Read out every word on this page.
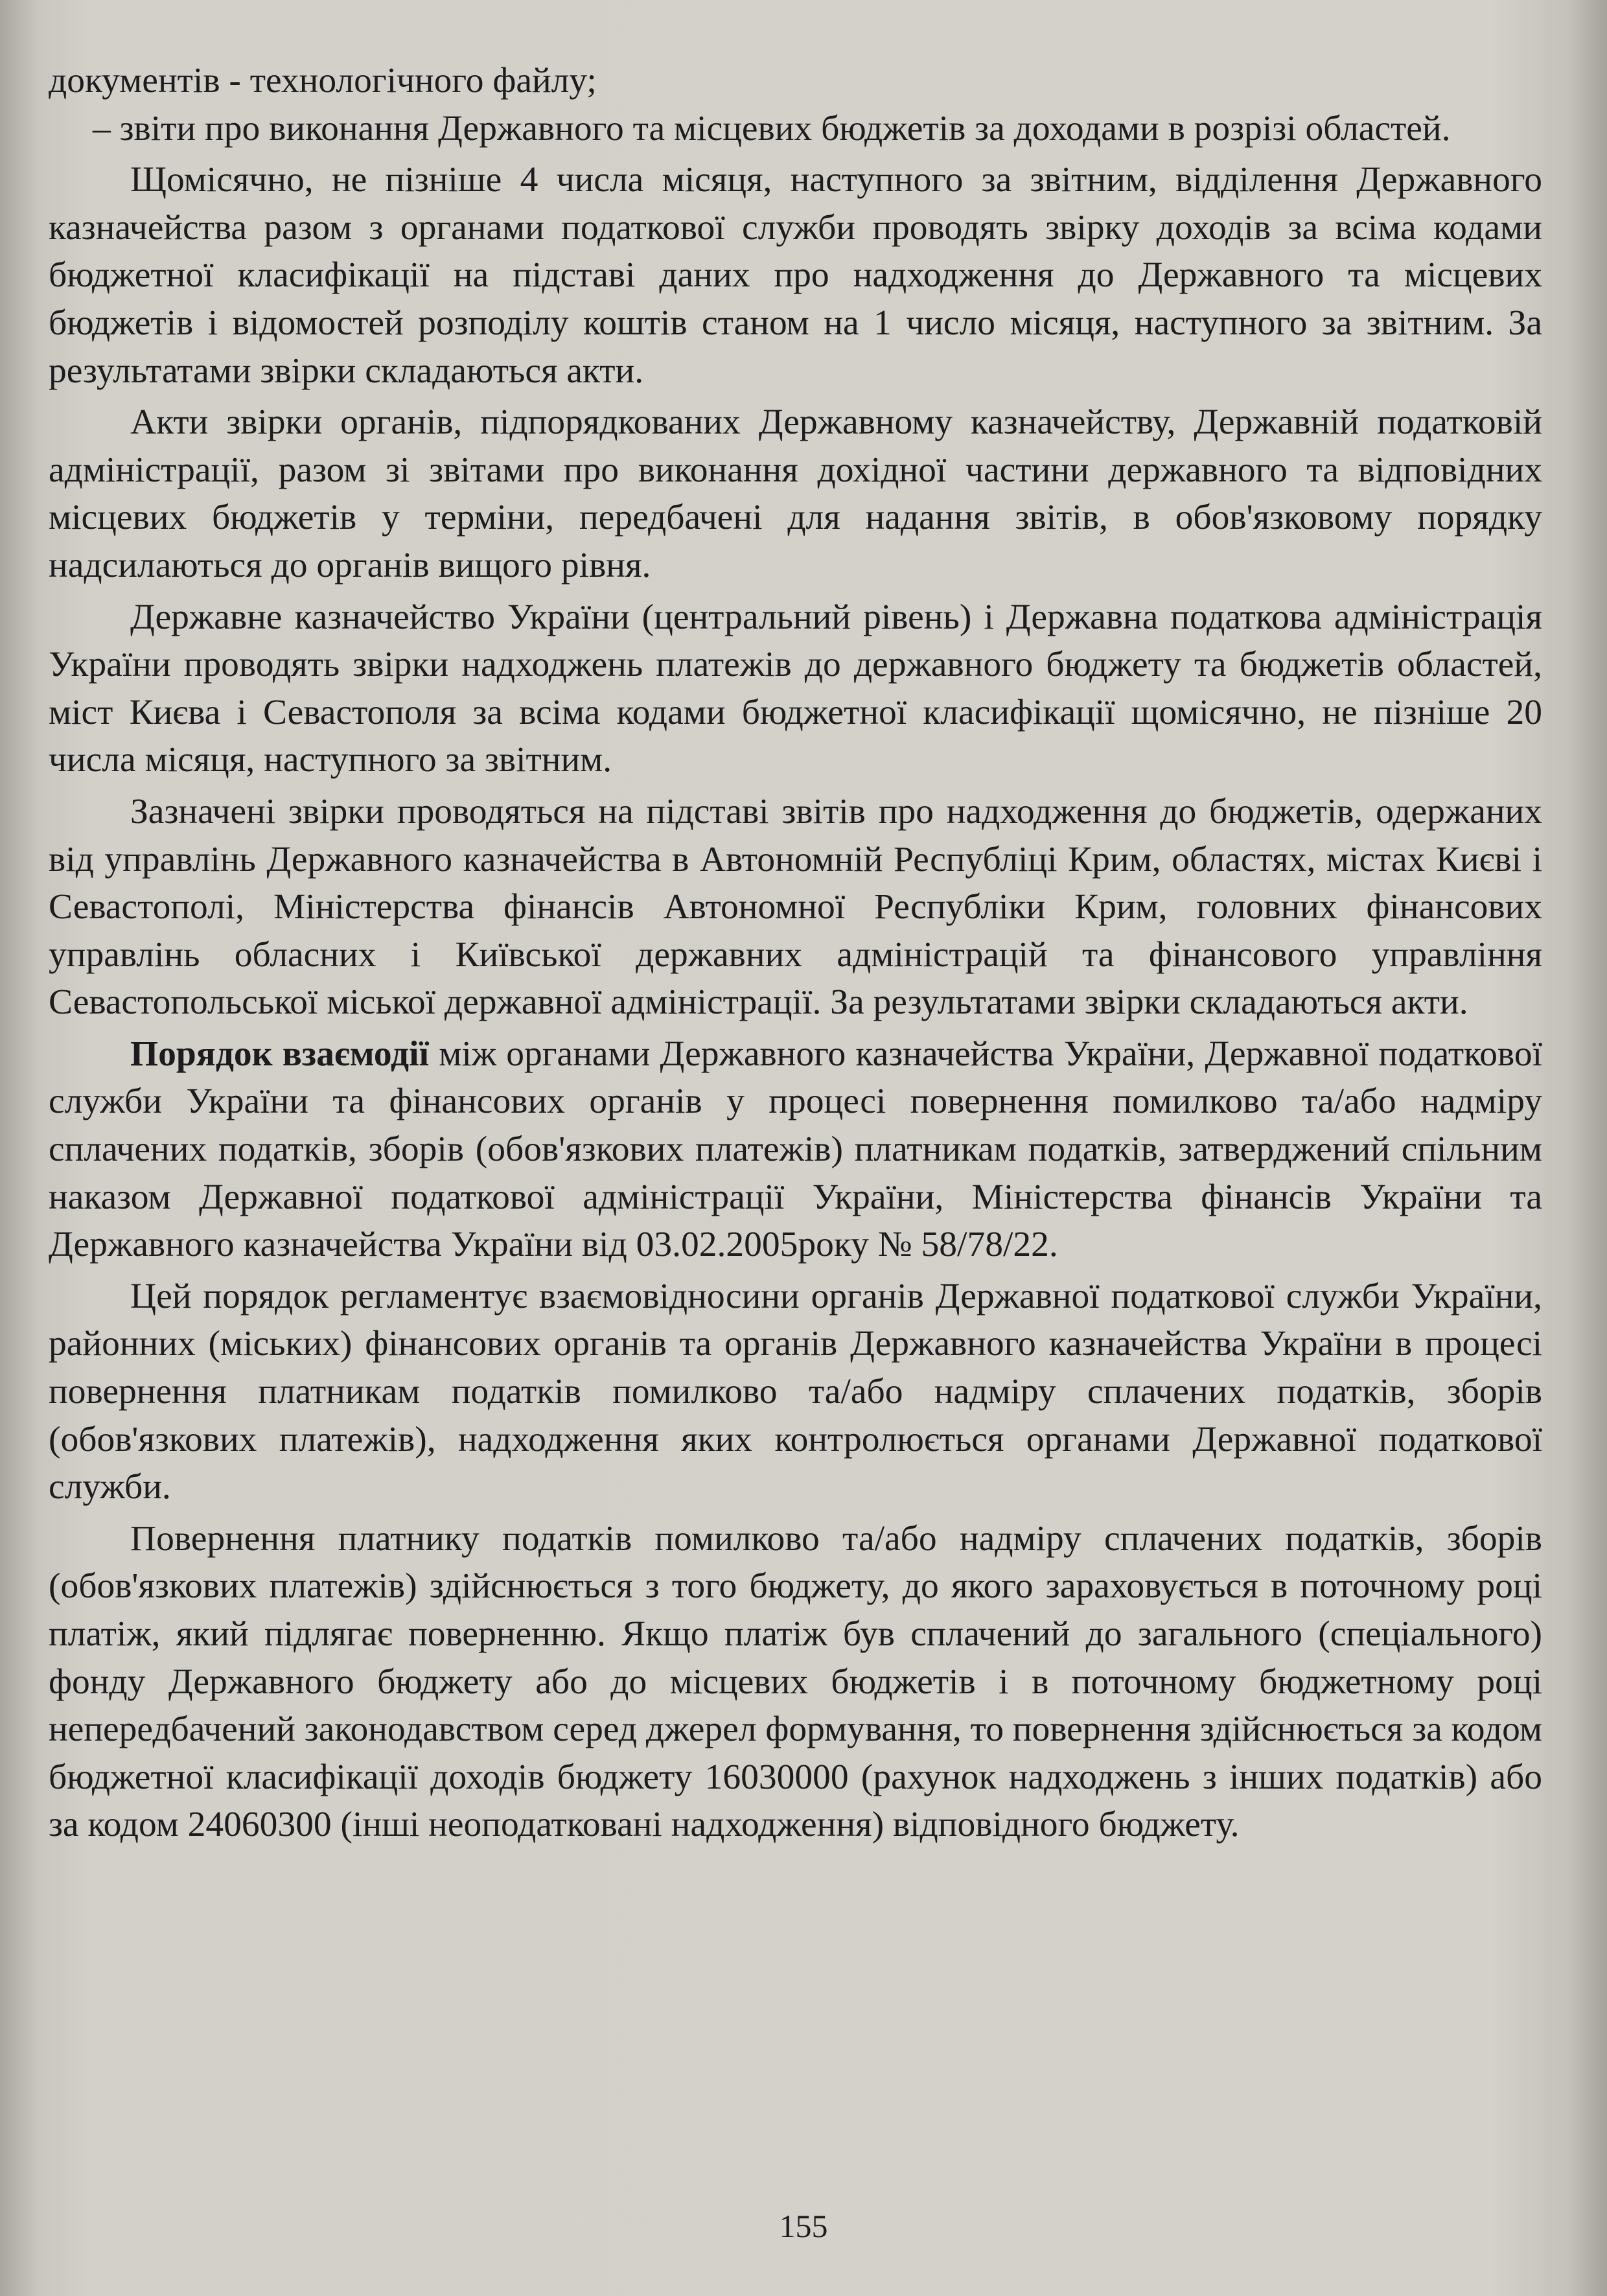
документів - технологічного файлу;

– звіти про виконання Державного та місцевих бюджетів за доходами в розрізі областей.

Щомісячно, не пізніше 4 числа місяця, наступного за звітним, відділення Державного казначейства разом з органами податкової служби проводять звірку доходів за всіма кодами бюджетної класифікації на підставі даних про надходження до Державного та місцевих бюджетів і відомостей розподілу коштів станом на 1 число місяця, наступного за звітним. За результатами звірки складаються акти.

Акти звірки органів, підпорядкованих Державному казначейству, Державній податковій адміністрації, разом зі звітами про виконання дохідної частини державного та відповідних місцевих бюджетів у терміни, передбачені для надання звітів, в обов'язковому порядку надсилаються до органів вищого рівня.

Державне казначейство України (центральний рівень) і Державна податкова адміністрація України проводять звірки надходжень платежів до державного бюджету та бюджетів областей, міст Києва і Севастополя за всіма кодами бюджетної класифікації щомісячно, не пізніше 20 числа місяця, наступного за звітним.

Зазначені звірки проводяться на підставі звітів про надходження до бюджетів, одержаних від управлінь Державного казначейства в Автономній Республіці Крим, областях, містах Києві і Севастополі, Міністерства фінансів Автономної Республіки Крим, головних фінансових управлінь обласних і Київської державних адміністрацій та фінансового управління Севастопольської міської державної адміністрації. За результатами звірки складаються акти.

Порядок взаємодії між органами Державного казначейства України, Державної податкової служби України та фінансових органів у процесі повернення помилково та/або надміру сплачених податків, зборів (обов'язкових платежів) платникам податків, затверджений спільним наказом Державної податкової адміністрації України, Міністерства фінансів України та Державного казначейства України від 03.02.2005року № 58/78/22.

Цей порядок регламентує взаємовідносини органів Державної податкової служби України, районних (міських) фінансових органів та органів Державного казначейства України в процесі повернення платникам податків помилково та/або надміру сплачених податків, зборів (обов'язкових платежів), надходження яких контролюється органами Державної податкової служби.

Повернення платнику податків помилково та/або надміру сплачених податків, зборів (обов'язкових платежів) здійснюється з того бюджету, до якого зараховується в поточному році платіж, який підлягає поверненню. Якщо платіж був сплачений до загального (спеціального) фонду Державного бюджету або до місцевих бюджетів і в поточному бюджетному році непередбачений законодавством серед джерел формування, то повернення здійснюється за кодом бюджетної класифікації доходів бюджету 16030000 (рахунок надходжень з інших податків) або за кодом 24060300 (інші неоподатковані надходження) відповідного бюджету.

155
